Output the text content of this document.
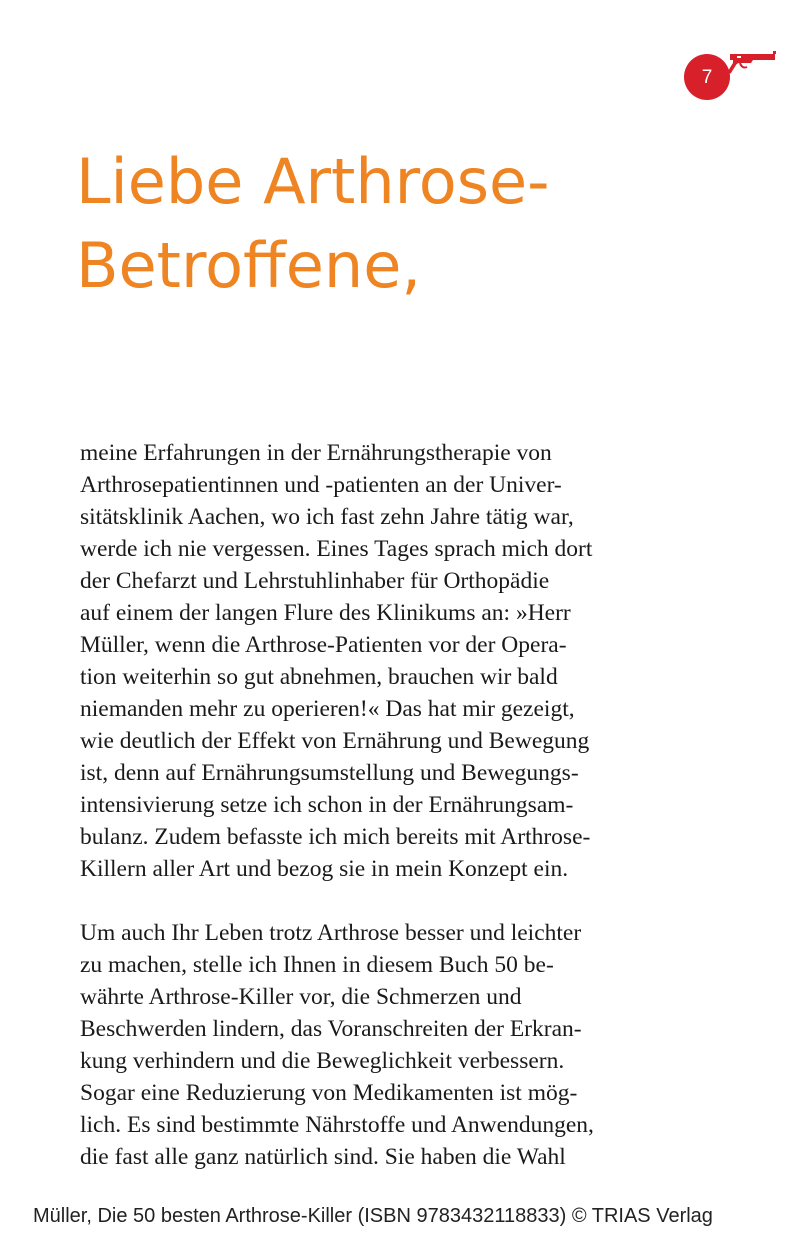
7
Liebe Arthrose-
Betroffene,

meine Erfahrungen in der Ernährungstherapie von
Arthrosepatientinnen und -patienten an der Univer-
sitätsklinik Aachen, wo ich fast zehn Jahre tätig war,
werde ich nie vergessen. Eines Tages sprach mich dort
der Chefarzt und Lehrstuhlinhaber für Orthopädie
auf einem der langen Flure des Klinikums an: »Herr
Müller, wenn die Arthrose-Patienten vor der Opera-
tion weiterhin so gut abnehmen, brauchen wir bald
niemanden mehr zu operieren!« Das hat mir gezeigt,
wie deutlich der Effekt von Ernährung und Bewegung
ist, denn auf Ernährungsumstellung und Bewegungs-
intensivierung setze ich schon in der Ernährungsam-
bulanz. Zudem befasste ich mich bereits mit Arthrose-
Killern aller Art und bezog sie in mein Konzept ein.

Um auch Ihr Leben trotz Arthrose besser und leichter
zu machen, stelle ich Ihnen in diesem Buch 50 be-
währte Arthrose-Killer vor, die Schmerzen und
Beschwerden lindern, das Voranschreiten der Erkran-
kung verhindern und die Beweglichkeit verbessern.
Sogar eine Reduzierung von Medikamenten ist mög-
lich. Es sind bestimmte Nährstoffe und Anwendungen,
die fast alle ganz natürlich sind. Sie haben die Wahl

Müller, Die 50 besten Arthrose-Killer (ISBN 9783432118833) © TRIAS Verlag
